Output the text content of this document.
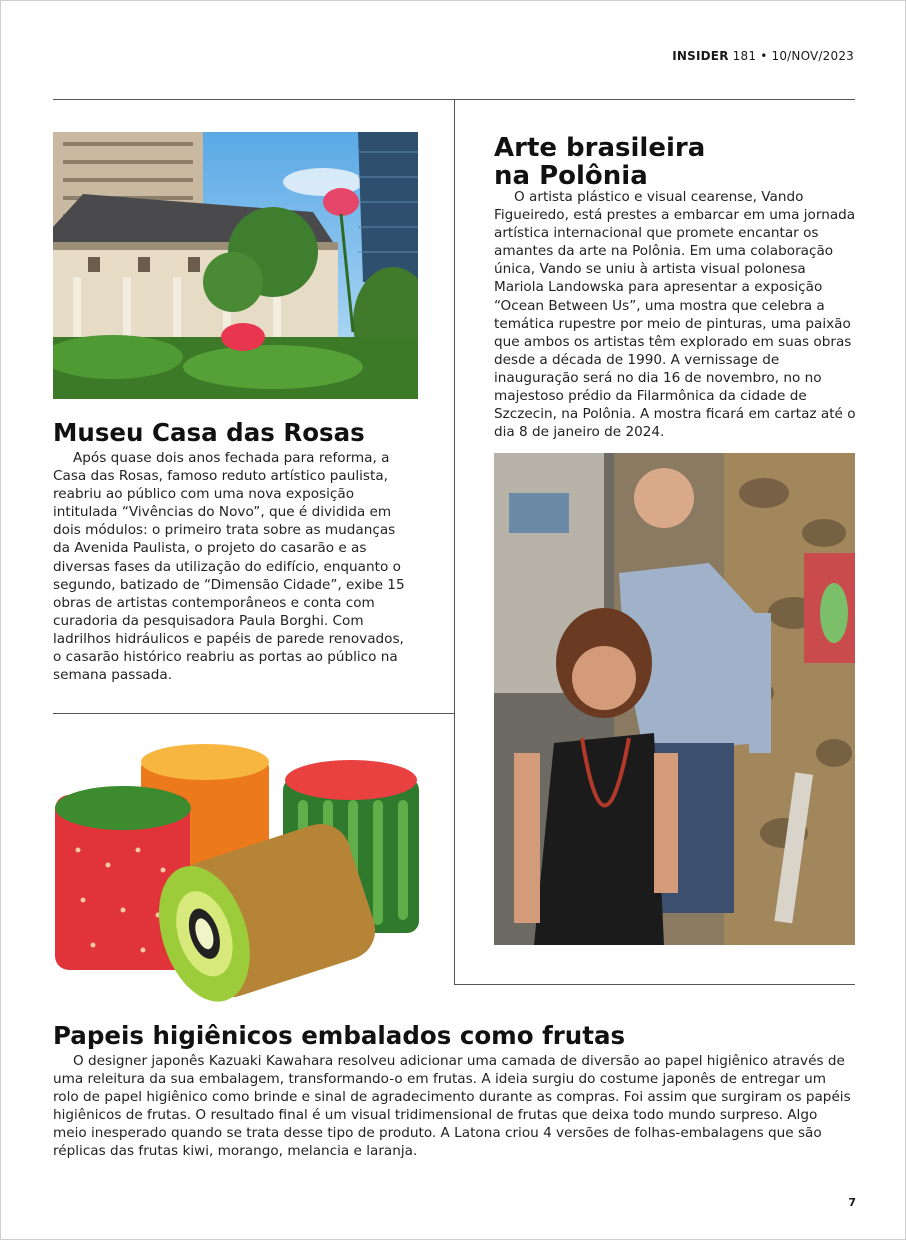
INSIDER 181 • 10/NOV/2023
Museu Casa das Rosas

Após quase dois anos fechada para reforma, a Casa das Rosas, famoso reduto artístico paulista, reabriu ao público com uma nova exposição intitulada “Vivências do Novo”, que é dividida em dois módulos: o primeiro trata sobre as mudanças da Avenida Paulista, o projeto do casarão e as diversas fases da utilização do edifício, enquanto o segundo, batizado de “Dimensão Cidade”, exibe 15 obras de artistas contemporâneos e conta com curadoria da pesquisadora Paula Borghi. Com ladrilhos hidráulicos e papéis de parede renovados, o casarão histórico reabriu as portas ao público na semana passada.

Arte brasileira
na Polônia

O artista plástico e visual cearense, Vando Figueiredo, está prestes a embarcar em uma jornada artística internacional que promete encantar os amantes da arte na Polônia. Em uma colaboração única, Vando se uniu à artista visual polonesa Mariola Landowska para apresentar a exposição “Ocean Between Us”, uma mostra que celebra a temática rupestre por meio de pinturas, uma paixão que ambos os artistas têm explorado em suas obras desde a década de 1990. A vernissage de inauguração será no dia 16 de novembro, no no majestoso prédio da Filarmônica da cidade de Szczecin, na Polônia. A mostra ficará em cartaz até o dia 8 de janeiro de 2024.

Papeis higiênicos embalados como frutas

O designer japonês Kazuaki Kawahara resolveu adicionar uma camada de diversão ao papel higiênico através de uma releitura da sua embalagem, transformando-o em frutas. A ideia surgiu do costume japonês de entregar um rolo de papel higiênico como brinde e sinal de agradecimento durante as compras. Foi assim que surgiram os papéis higiênicos de frutas. O resultado final é um visual tridimensional de frutas que deixa todo mundo surpreso. Algo meio inesperado quando se trata desse tipo de produto. A Latona criou 4 versões de folhas-embalagens que são réplicas das frutas kiwi, morango, melancia e laranja.

7
